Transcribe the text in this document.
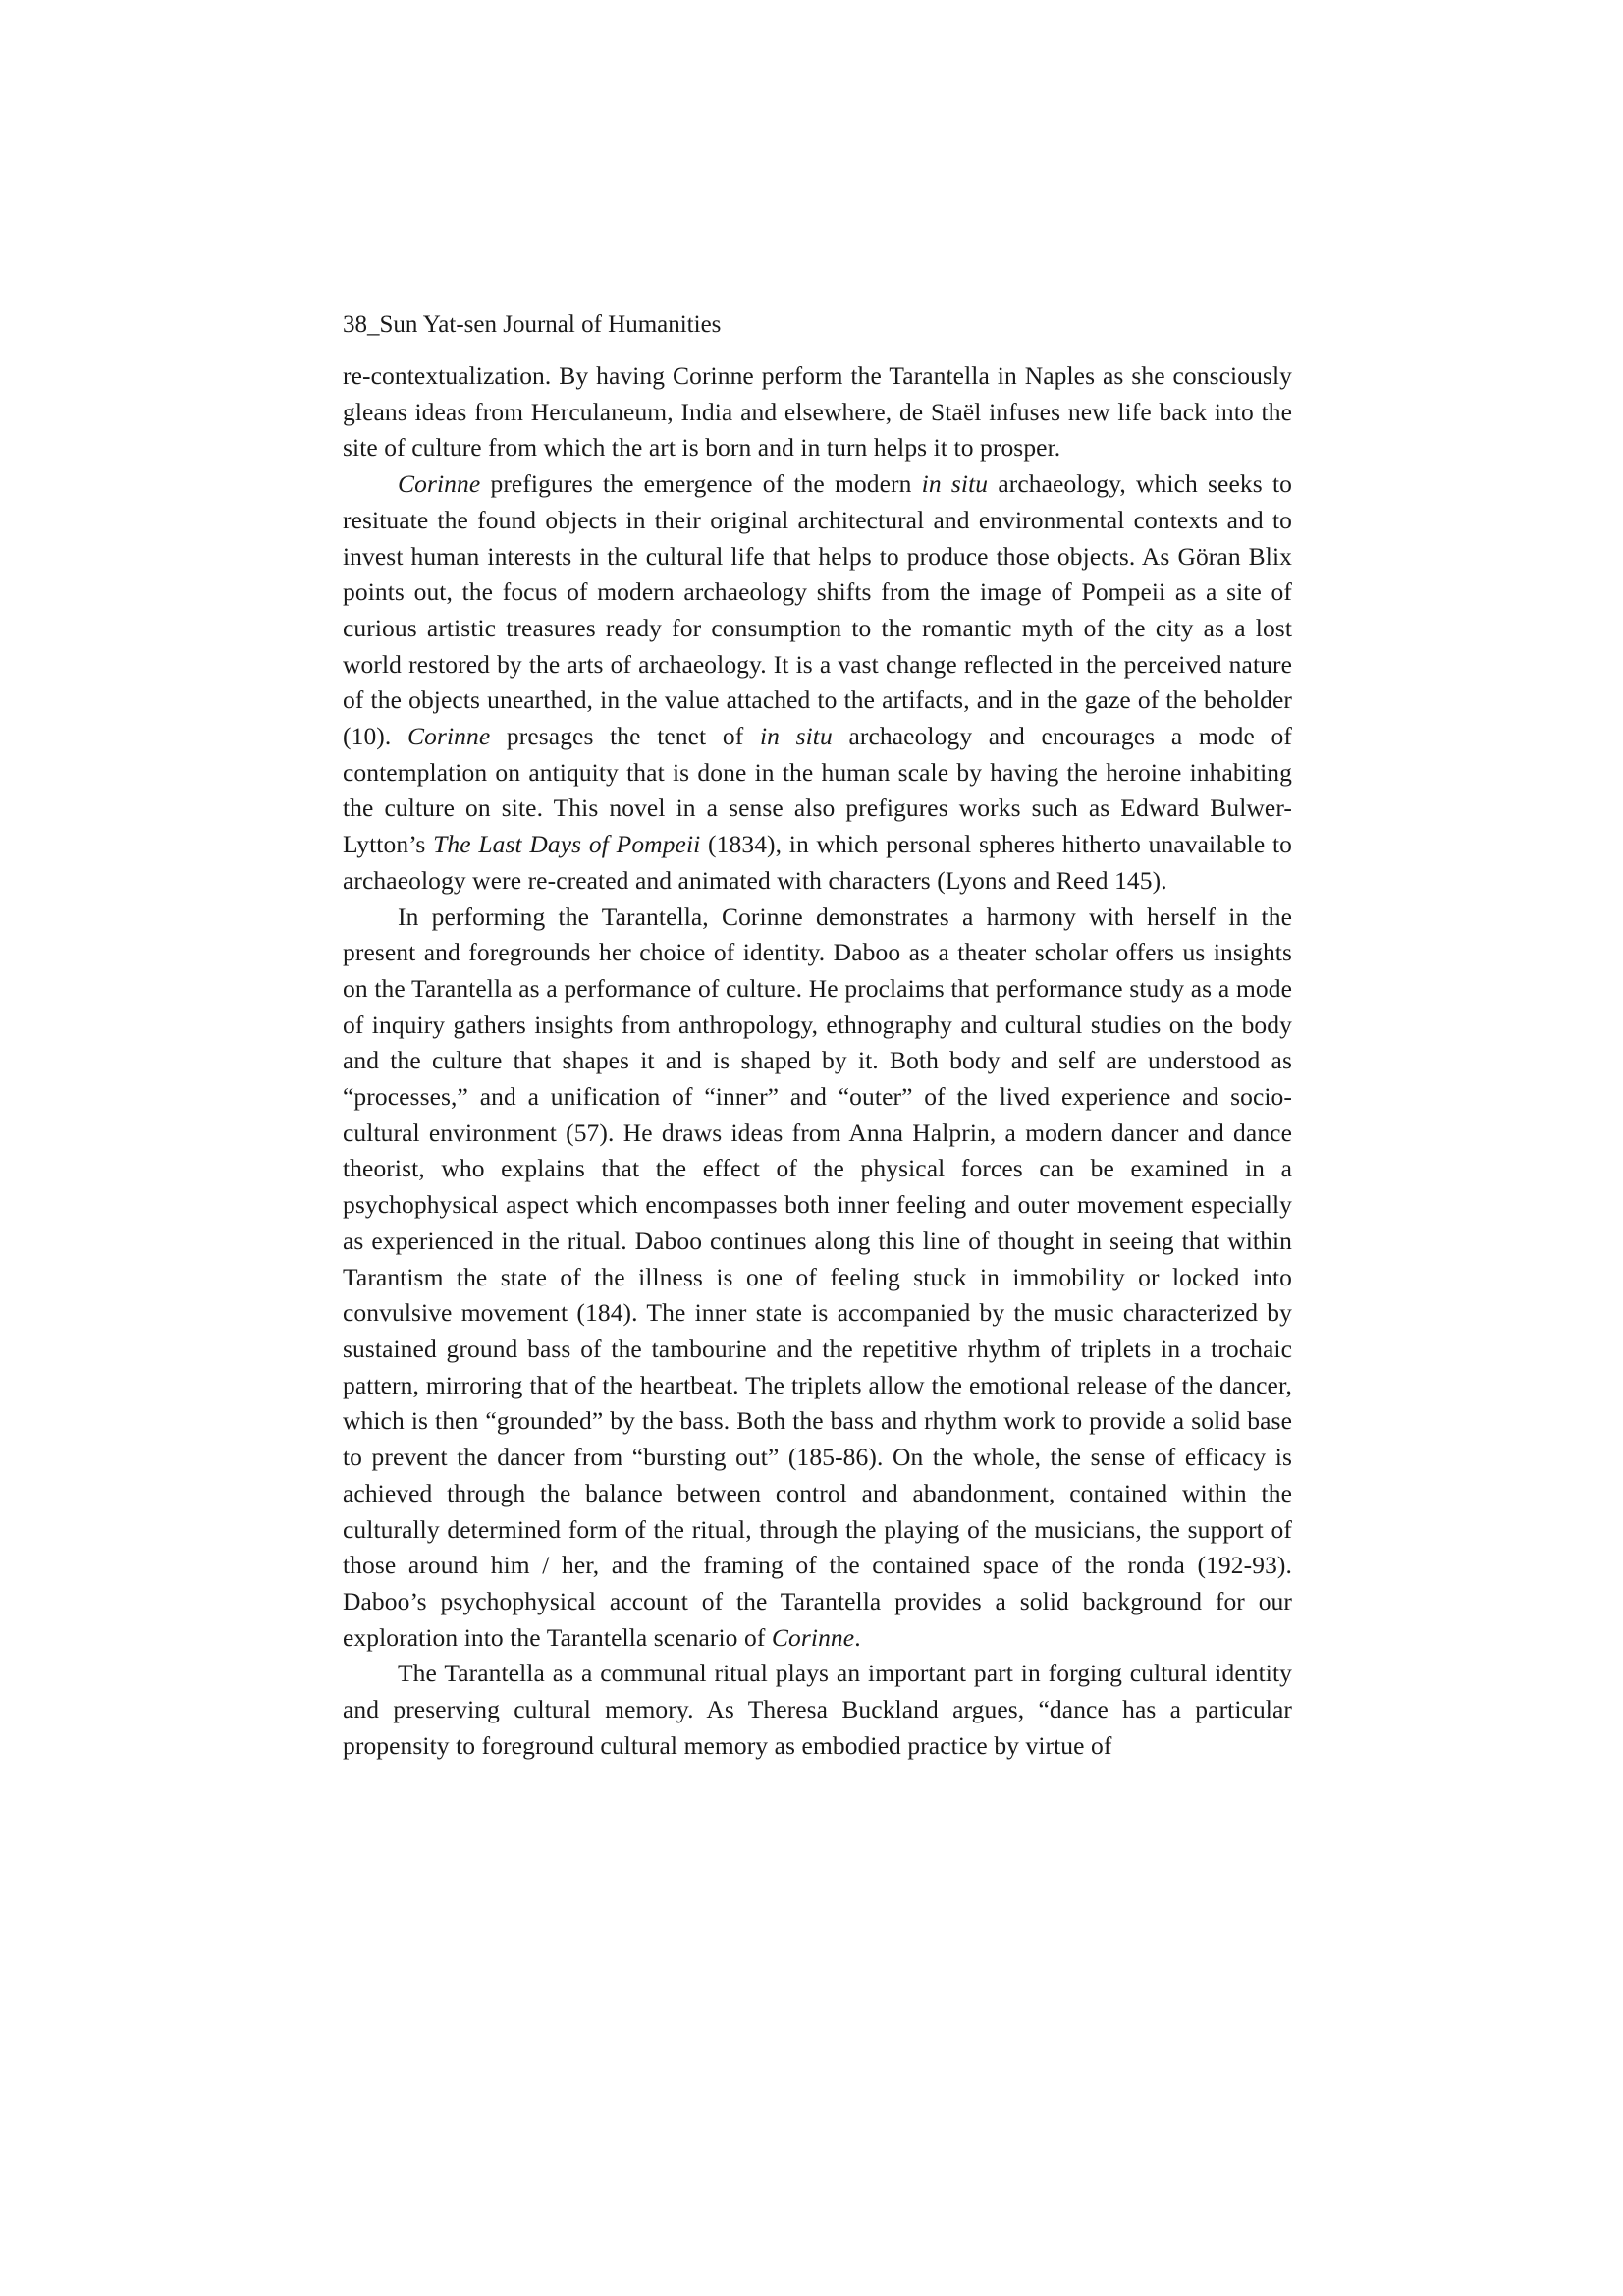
38_Sun Yat-sen Journal of Humanities

re-contextualization. By having Corinne perform the Tarantella in Naples as she consciously gleans ideas from Herculaneum, India and elsewhere, de Staël infuses new life back into the site of culture from which the art is born and in turn helps it to prosper.

Corinne prefigures the emergence of the modern in situ archaeology, which seeks to resituate the found objects in their original architectural and environmental contexts and to invest human interests in the cultural life that helps to produce those objects. As Göran Blix points out, the focus of modern archaeology shifts from the image of Pompeii as a site of curious artistic treasures ready for consumption to the romantic myth of the city as a lost world restored by the arts of archaeology. It is a vast change reflected in the perceived nature of the objects unearthed, in the value attached to the artifacts, and in the gaze of the beholder (10). Corinne presages the tenet of in situ archaeology and encourages a mode of contemplation on antiquity that is done in the human scale by having the heroine inhabiting the culture on site. This novel in a sense also prefigures works such as Edward Bulwer-Lytton’s The Last Days of Pompeii (1834), in which personal spheres hitherto unavailable to archaeology were re-created and animated with characters (Lyons and Reed 145).

In performing the Tarantella, Corinne demonstrates a harmony with herself in the present and foregrounds her choice of identity. Daboo as a theater scholar offers us insights on the Tarantella as a performance of culture. He proclaims that performance study as a mode of inquiry gathers insights from anthropology, ethnography and cultural studies on the body and the culture that shapes it and is shaped by it. Both body and self are understood as “processes,” and a unification of “inner” and “outer” of the lived experience and socio-cultural environment (57). He draws ideas from Anna Halprin, a modern dancer and dance theorist, who explains that the effect of the physical forces can be examined in a psychophysical aspect which encompasses both inner feeling and outer movement especially as experienced in the ritual. Daboo continues along this line of thought in seeing that within Tarantism the state of the illness is one of feeling stuck in immobility or locked into convulsive movement (184). The inner state is accompanied by the music characterized by sustained ground bass of the tambourine and the repetitive rhythm of triplets in a trochaic pattern, mirroring that of the heartbeat. The triplets allow the emotional release of the dancer, which is then “grounded” by the bass. Both the bass and rhythm work to provide a solid base to prevent the dancer from “bursting out” (185-86). On the whole, the sense of efficacy is achieved through the balance between control and abandonment, contained within the culturally determined form of the ritual, through the playing of the musicians, the support of those around him / her, and the framing of the contained space of the ronda (192-93). Daboo’s psychophysical account of the Tarantella provides a solid background for our exploration into the Tarantella scenario of Corinne.

The Tarantella as a communal ritual plays an important part in forging cultural identity and preserving cultural memory. As Theresa Buckland argues, “dance has a particular propensity to foreground cultural memory as embodied practice by virtue of
